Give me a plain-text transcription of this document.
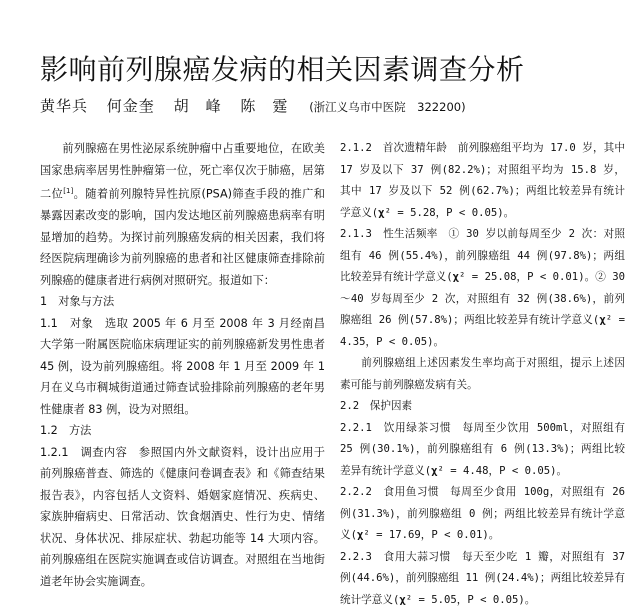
影响前列腺癌发病的相关因素调查分析
黄华兵 何金奎 胡　峰 陈　霆 (浙江义乌市中医院　322200)

前列腺癌在男性泌尿系统肿瘤中占重要地位，在欧美国家患病率居男性肿瘤第一位，死亡率仅次于肺癌，居第二位[1]。随着前列腺特异性抗原(PSA)筛查手段的推广和暴露因素改变的影响，国内发达地区前列腺癌患病率有明显增加的趋势。为探讨前列腺癌发病的相关因素，我们将经医院病理确诊为前列腺癌的患者和社区健康筛查排除前列腺癌的健康者进行病例对照研究。报道如下：

1　对象与方法

1.1　对象　选取 2005 年 6 月至 2008 年 3 月经南昌大学第一附属医院临床病理证实的前列腺癌新发男性患者 45 例，设为前列腺癌组。将 2008 年 1 月至 2009 年 1 月在义乌市稠城街道通过筛查试验排除前列腺癌的老年男性健康者 83 例，设为对照组。

1.2　方法

1.2.1　调查内容　参照国内外文献资料，设计出应用于前列腺癌普查、筛选的《健康问卷调查表》和《筛查结果报告表》，内容包括人文资料、婚姻家庭情况、疾病史、家族肿瘤病史、日常活动、饮食烟酒史、性行为史、情绪状况、身体状况、排尿症状、勃起功能等 14 大项内容。前列腺癌组在医院实施调查或信访调查。对照组在当地街道老年协会实施调查。

2.1.2　首次遗精年龄　前列腺癌组平均为 17.0 岁，其中 17 岁及以下 37 例(82.2%)；对照组平均为 15.8 岁，其中 17 岁及以下 52 例(62.7%)；两组比较差异有统计学意义(χ² = 5.28，P < 0.05)。

2.1.3　性生活频率　① 30 岁以前每周至少 2 次：对照组有 46 例(55.4%)，前列腺癌组 44 例(97.8%)；两组比较差异有统计学意义(χ² = 25.08，P < 0.01)。② 30～40 岁每周至少 2 次，对照组有 32 例(38.6%)，前列腺癌组 26 例(57.8%)；两组比较差异有统计学意义(χ² = 4.35，P < 0.05)。

前列腺癌组上述因素发生率均高于对照组，提示上述因素可能与前列腺癌发病有关。

2.2　保护因素

2.2.1　饮用绿茶习惯　每周至少饮用 500ml，对照组有 25 例(30.1%)，前列腺癌组有 6 例(13.3%)；两组比较差异有统计学意义(χ² = 4.48，P < 0.05)。

2.2.2　食用鱼习惯　每周至少食用 100g，对照组有 26 例(31.3%)，前列腺癌组 0 例；两组比较差异有统计学意义(χ² = 17.69，P < 0.01)。

2.2.3　食用大蒜习惯　每天至少吃 1 瓣，对照组有 37 例(44.6%)，前列腺癌组 11 例(24.4%)；两组比较差异有统计学意义(χ² = 5.05，P < 0.05)。
